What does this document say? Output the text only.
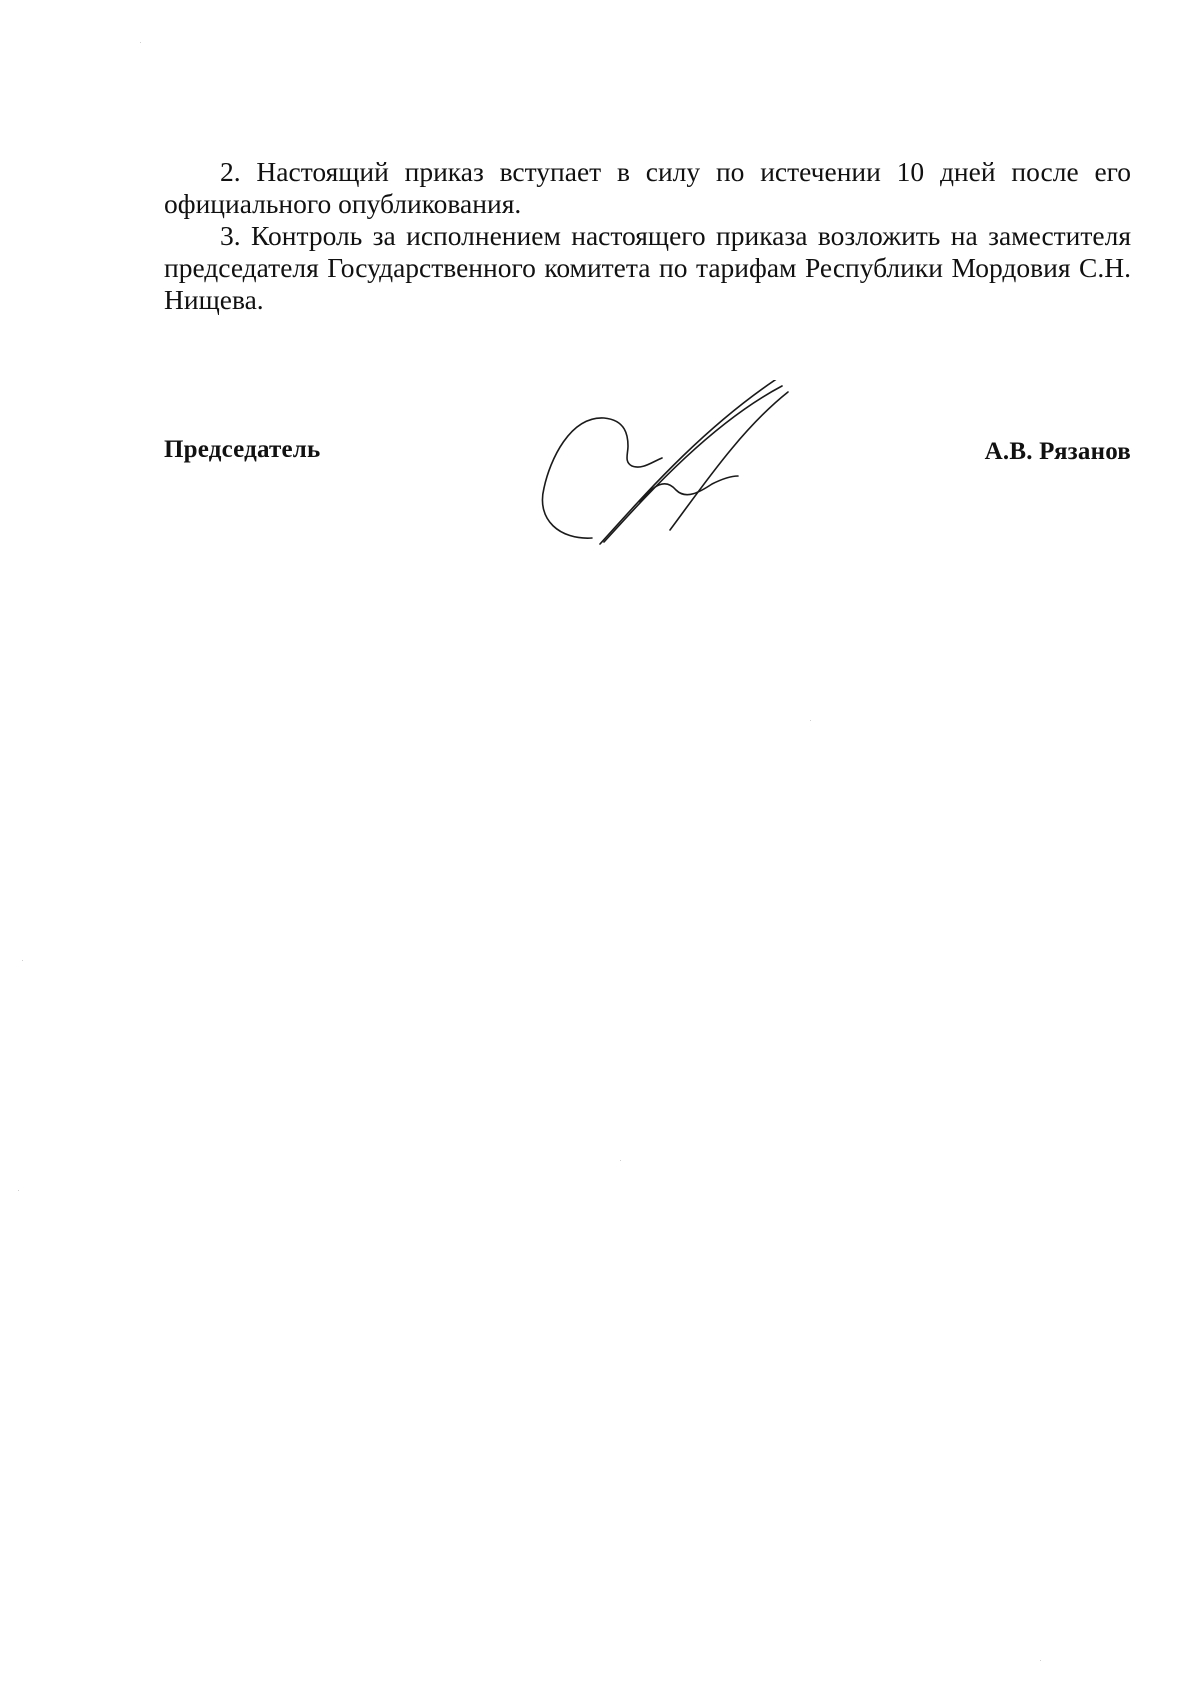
2. Настоящий приказ вступает в силу по истечении 10 дней после его официального опубликования.

3. Контроль за исполнением настоящего приказа возложить на заместителя председателя Государственного комитета по тарифам Республики Мордовия С.Н. Нищева.

Председатель	А.В. Рязанов
